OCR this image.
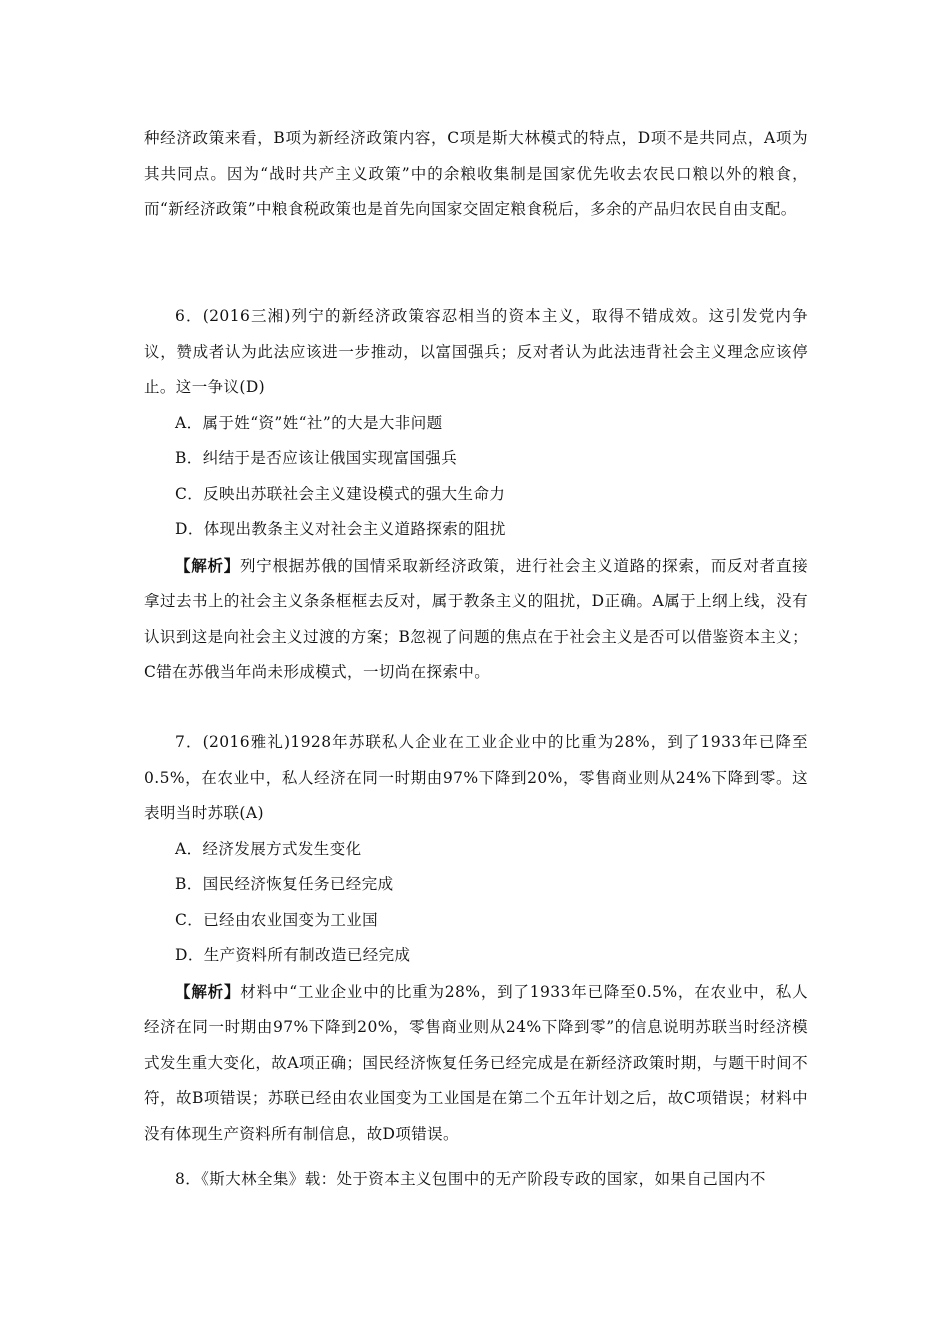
种经济政策来看，B项为新经济政策内容，C项是斯大林模式的特点，D项不是共同点，A项为其共同点。因为“战时共产主义政策”中的余粮收集制是国家优先收去农民口粮以外的粮食，而“新经济政策”中粮食税政策也是首先向国家交固定粮食税后，多余的产品归农民自由支配。

6．(2016三湘)列宁的新经济政策容忍相当的资本主义，取得不错成效。这引发党内争议，赞成者认为此法应该进一步推动，以富国强兵；反对者认为此法违背社会主义理念应该停止。这一争议(D)

A．属于姓“资”姓“社”的大是大非问题

B．纠结于是否应该让俄国实现富国强兵

C．反映出苏联社会主义建设模式的强大生命力

D．体现出教条主义对社会主义道路探索的阻扰

【解析】列宁根据苏俄的国情采取新经济政策，进行社会主义道路的探索，而反对者直接拿过去书上的社会主义条条框框去反对，属于教条主义的阻扰，D正确。A属于上纲上线，没有认识到这是向社会主义过渡的方案；B忽视了问题的焦点在于社会主义是否可以借鉴资本主义；C错在苏俄当年尚未形成模式，一切尚在探索中。

7．(2016雅礼)1928年苏联私人企业在工业企业中的比重为28%，到了1933年已降至0.5%，在农业中，私人经济在同一时期由97%下降到20%，零售商业则从24%下降到零。这表明当时苏联(A)

A．经济发展方式发生变化

B．国民经济恢复任务已经完成

C．已经由农业国变为工业国

D．生产资料所有制改造已经完成

【解析】材料中“工业企业中的比重为28%，到了1933年已降至0.5%，在农业中，私人经济在同一时期由97%下降到20%，零售商业则从24%下降到零”的信息说明苏联当时经济模式发生重大变化，故A项正确；国民经济恢复任务已经完成是在新经济政策时期，与题干时间不符，故B项错误；苏联已经由农业国变为工业国是在第二个五年计划之后，故C项错误；材料中没有体现生产资料所有制信息，故D项错误。

8．《斯大林全集》载：处于资本主义包围中的无产阶段专政的国家，如果自己国内不
